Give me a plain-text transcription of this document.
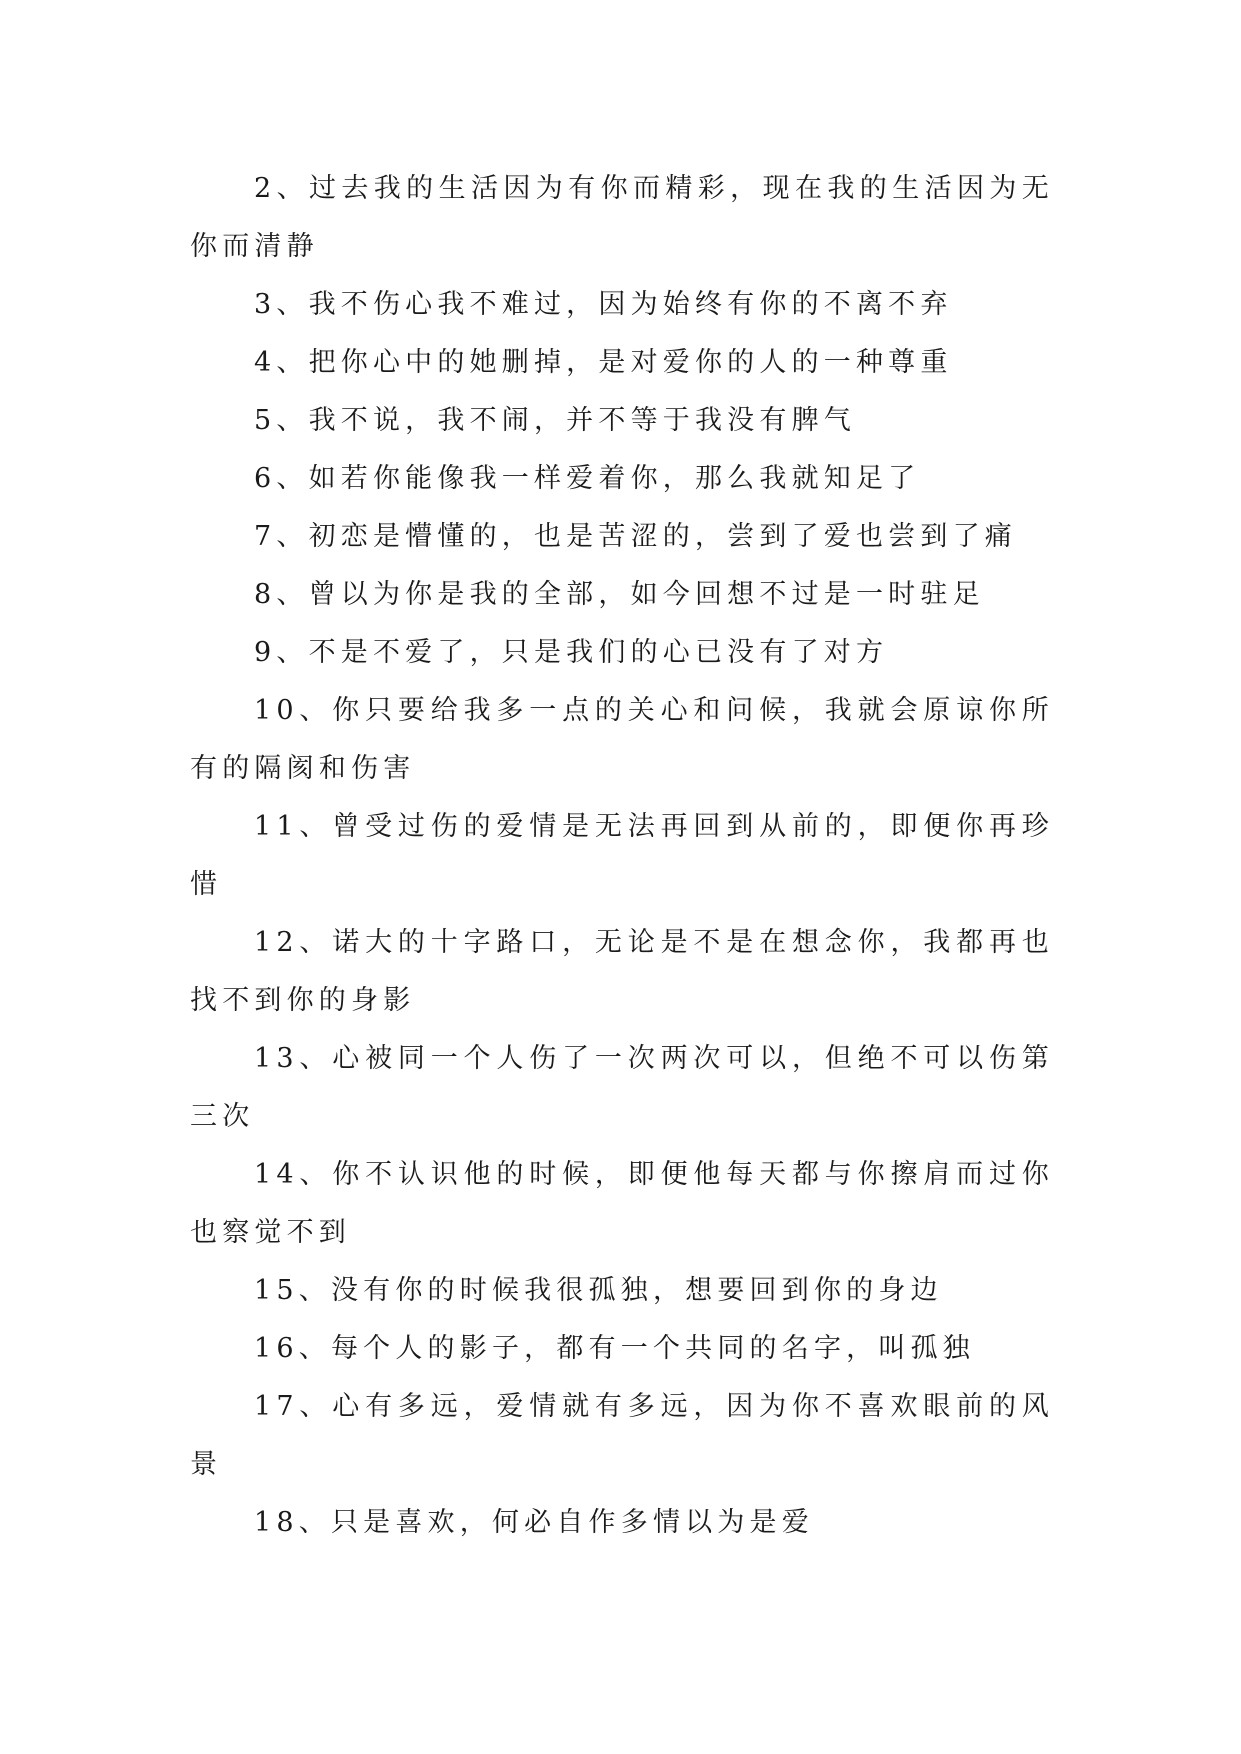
2、过去我的生活因为有你而精彩，现在我的生活因为无你而清静

3、我不伤心我不难过，因为始终有你的不离不弃

4、把你心中的她删掉，是对爱你的人的一种尊重

5、我不说，我不闹，并不等于我没有脾气

6、如若你能像我一样爱着你，那么我就知足了

7、初恋是懵懂的，也是苦涩的，尝到了爱也尝到了痛

8、曾以为你是我的全部，如今回想不过是一时驻足

9、不是不爱了，只是我们的心已没有了对方

10、你只要给我多一点的关心和问候，我就会原谅你所有的隔阂和伤害

11、曾受过伤的爱情是无法再回到从前的，即便你再珍惜

12、诺大的十字路口，无论是不是在想念你，我都再也找不到你的身影

13、心被同一个人伤了一次两次可以，但绝不可以伤第三次

14、你不认识他的时候，即便他每天都与你擦肩而过你也察觉不到

15、没有你的时候我很孤独，想要回到你的身边

16、每个人的影子，都有一个共同的名字，叫孤独

17、心有多远，爱情就有多远，因为你不喜欢眼前的风景

18、只是喜欢，何必自作多情以为是爱
